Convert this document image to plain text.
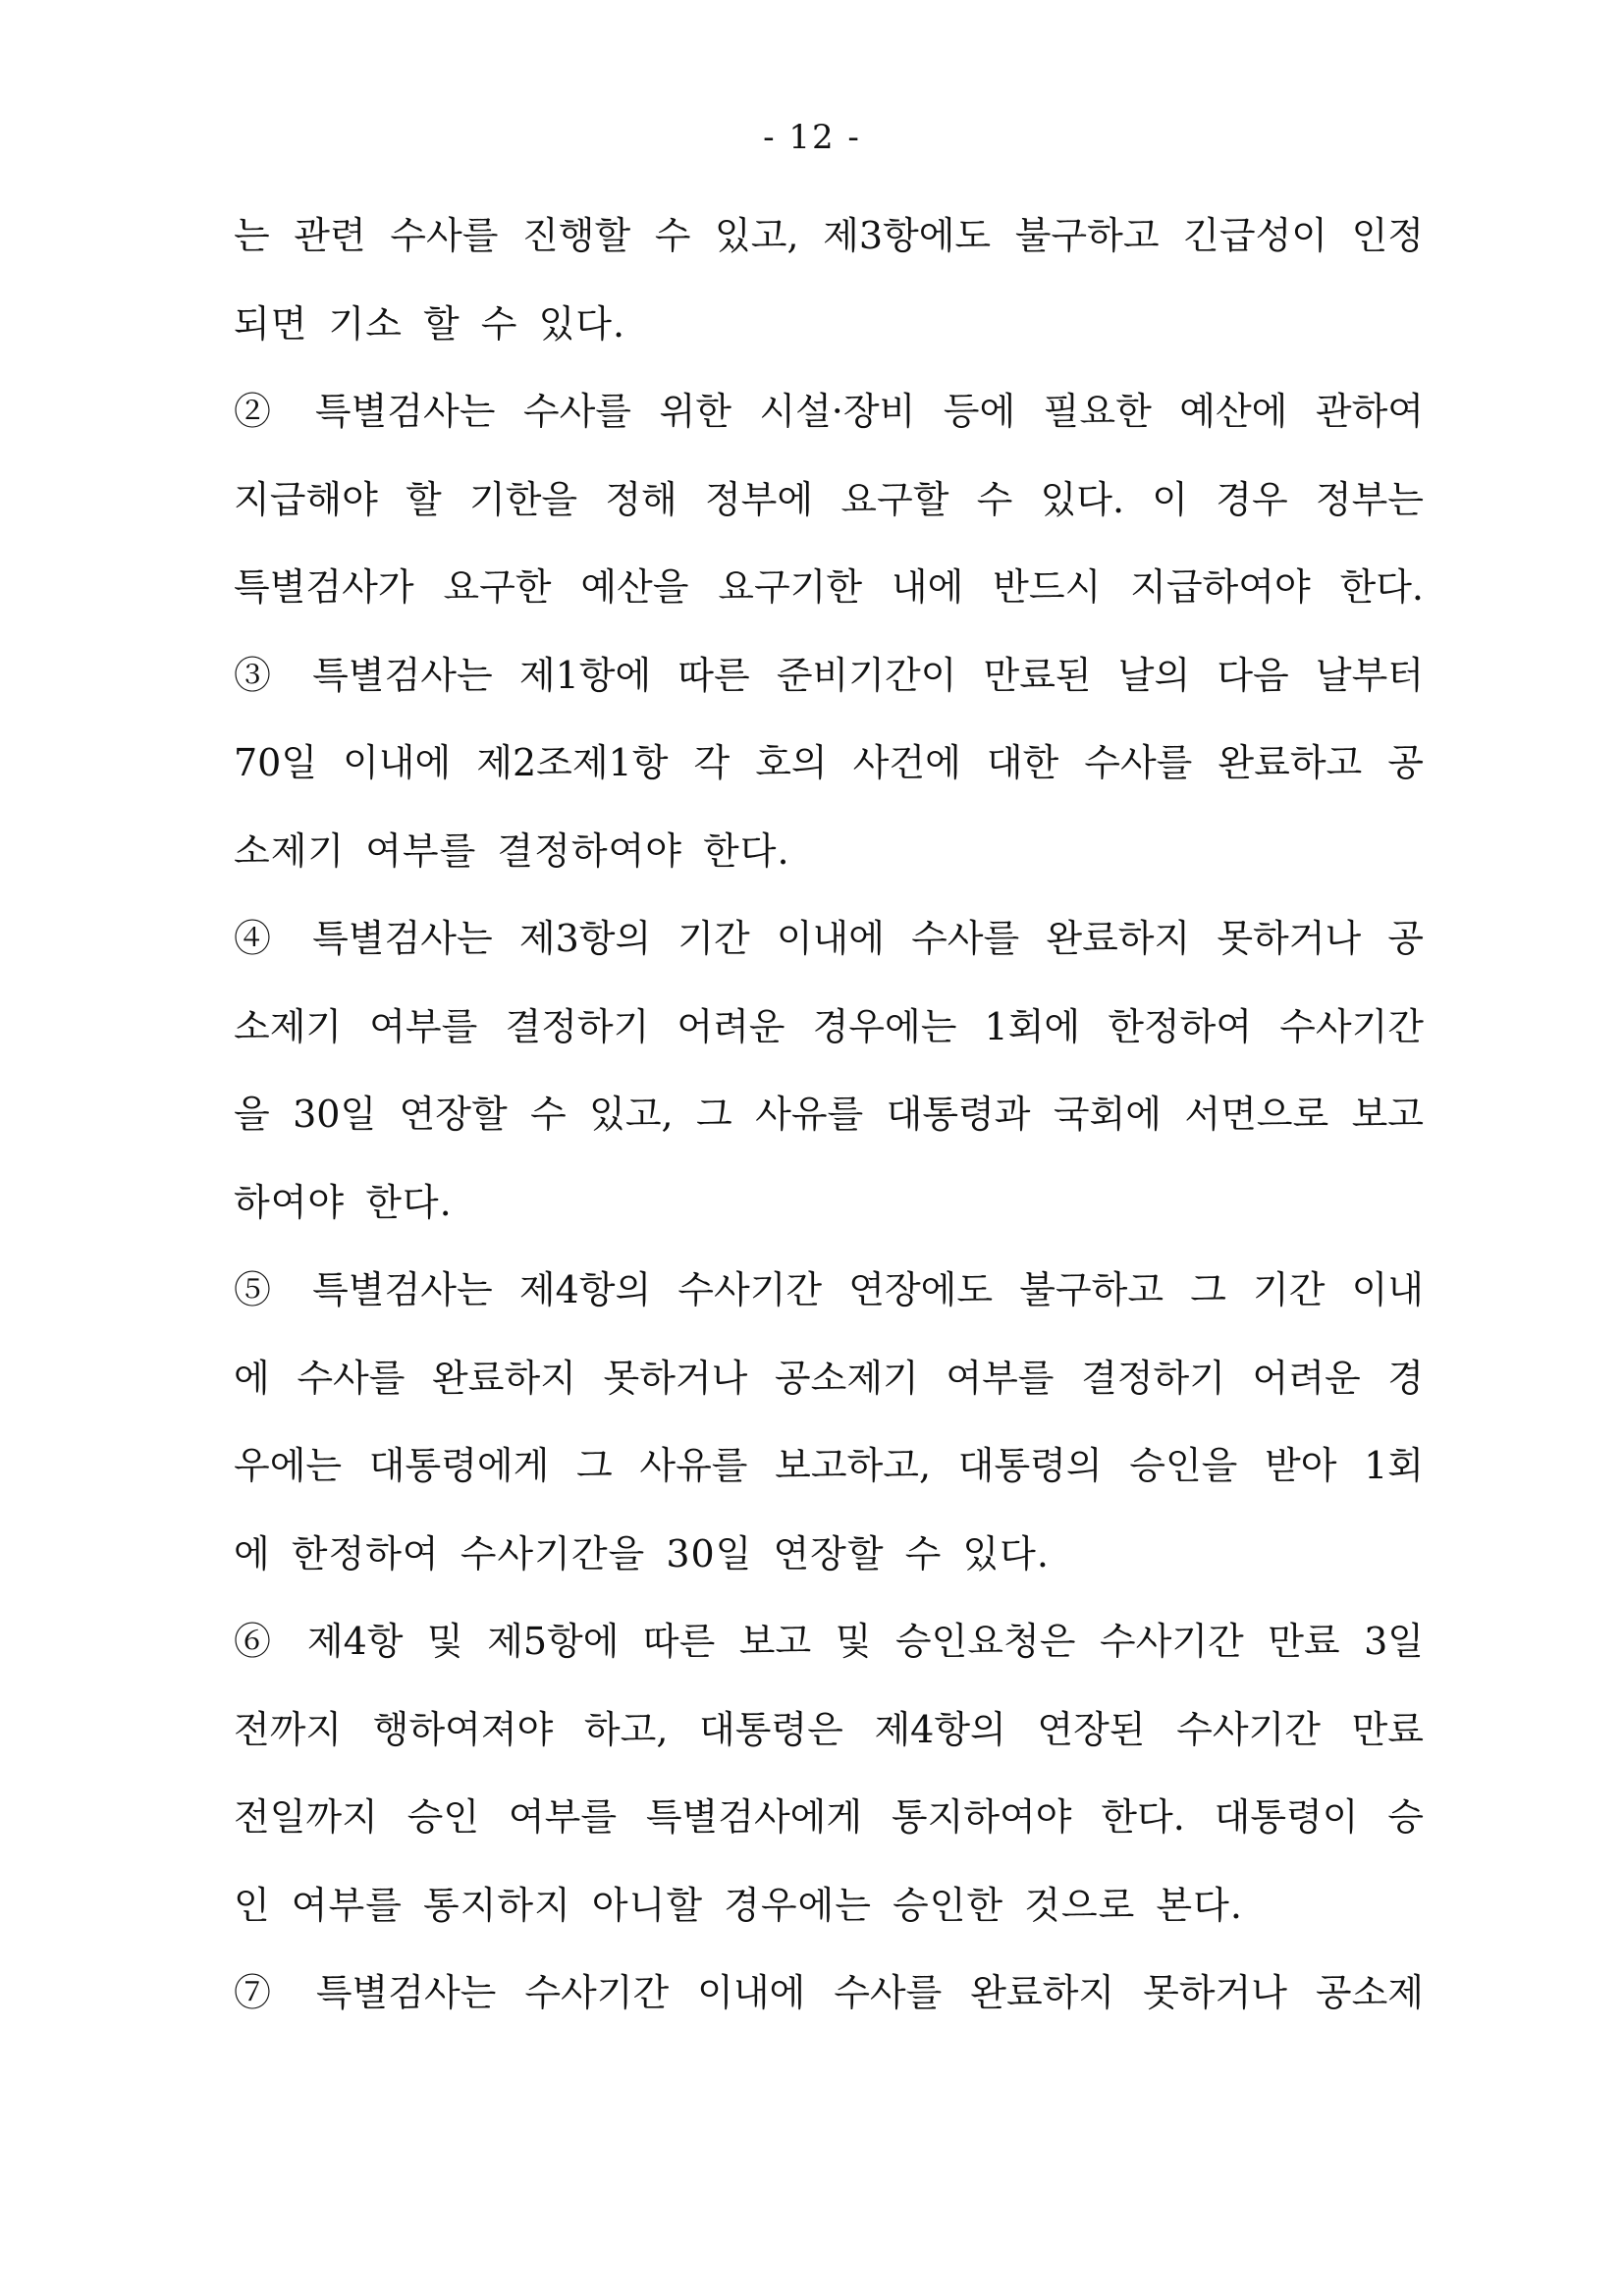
- 12 -
는 관련 수사를 진행할 수 있고, 제3항에도 불구하고 긴급성이 인정
되면 기소 할 수 있다.
② 특별검사는 수사를 위한 시설·장비 등에 필요한 예산에 관하여
지급해야 할 기한을 정해 정부에 요구할 수 있다. 이 경우 정부는
특별검사가 요구한 예산을 요구기한 내에 반드시 지급하여야 한다.
③ 특별검사는 제1항에 따른 준비기간이 만료된 날의 다음 날부터
70일 이내에 제2조제1항 각 호의 사건에 대한 수사를 완료하고 공
소제기 여부를 결정하여야 한다.
④ 특별검사는 제3항의 기간 이내에 수사를 완료하지 못하거나 공
소제기 여부를 결정하기 어려운 경우에는 1회에 한정하여 수사기간
을 30일 연장할 수 있고, 그 사유를 대통령과 국회에 서면으로 보고
하여야 한다.
⑤ 특별검사는 제4항의 수사기간 연장에도 불구하고 그 기간 이내
에 수사를 완료하지 못하거나 공소제기 여부를 결정하기 어려운 경
우에는 대통령에게 그 사유를 보고하고, 대통령의 승인을 받아 1회
에 한정하여 수사기간을 30일 연장할 수 있다.
⑥ 제4항 및 제5항에 따른 보고 및 승인요청은 수사기간 만료 3일
전까지 행하여져야 하고, 대통령은 제4항의 연장된 수사기간 만료
전일까지 승인 여부를 특별검사에게 통지하여야 한다. 대통령이 승
인 여부를 통지하지 아니할 경우에는 승인한 것으로 본다.
⑦ 특별검사는 수사기간 이내에 수사를 완료하지 못하거나 공소제
